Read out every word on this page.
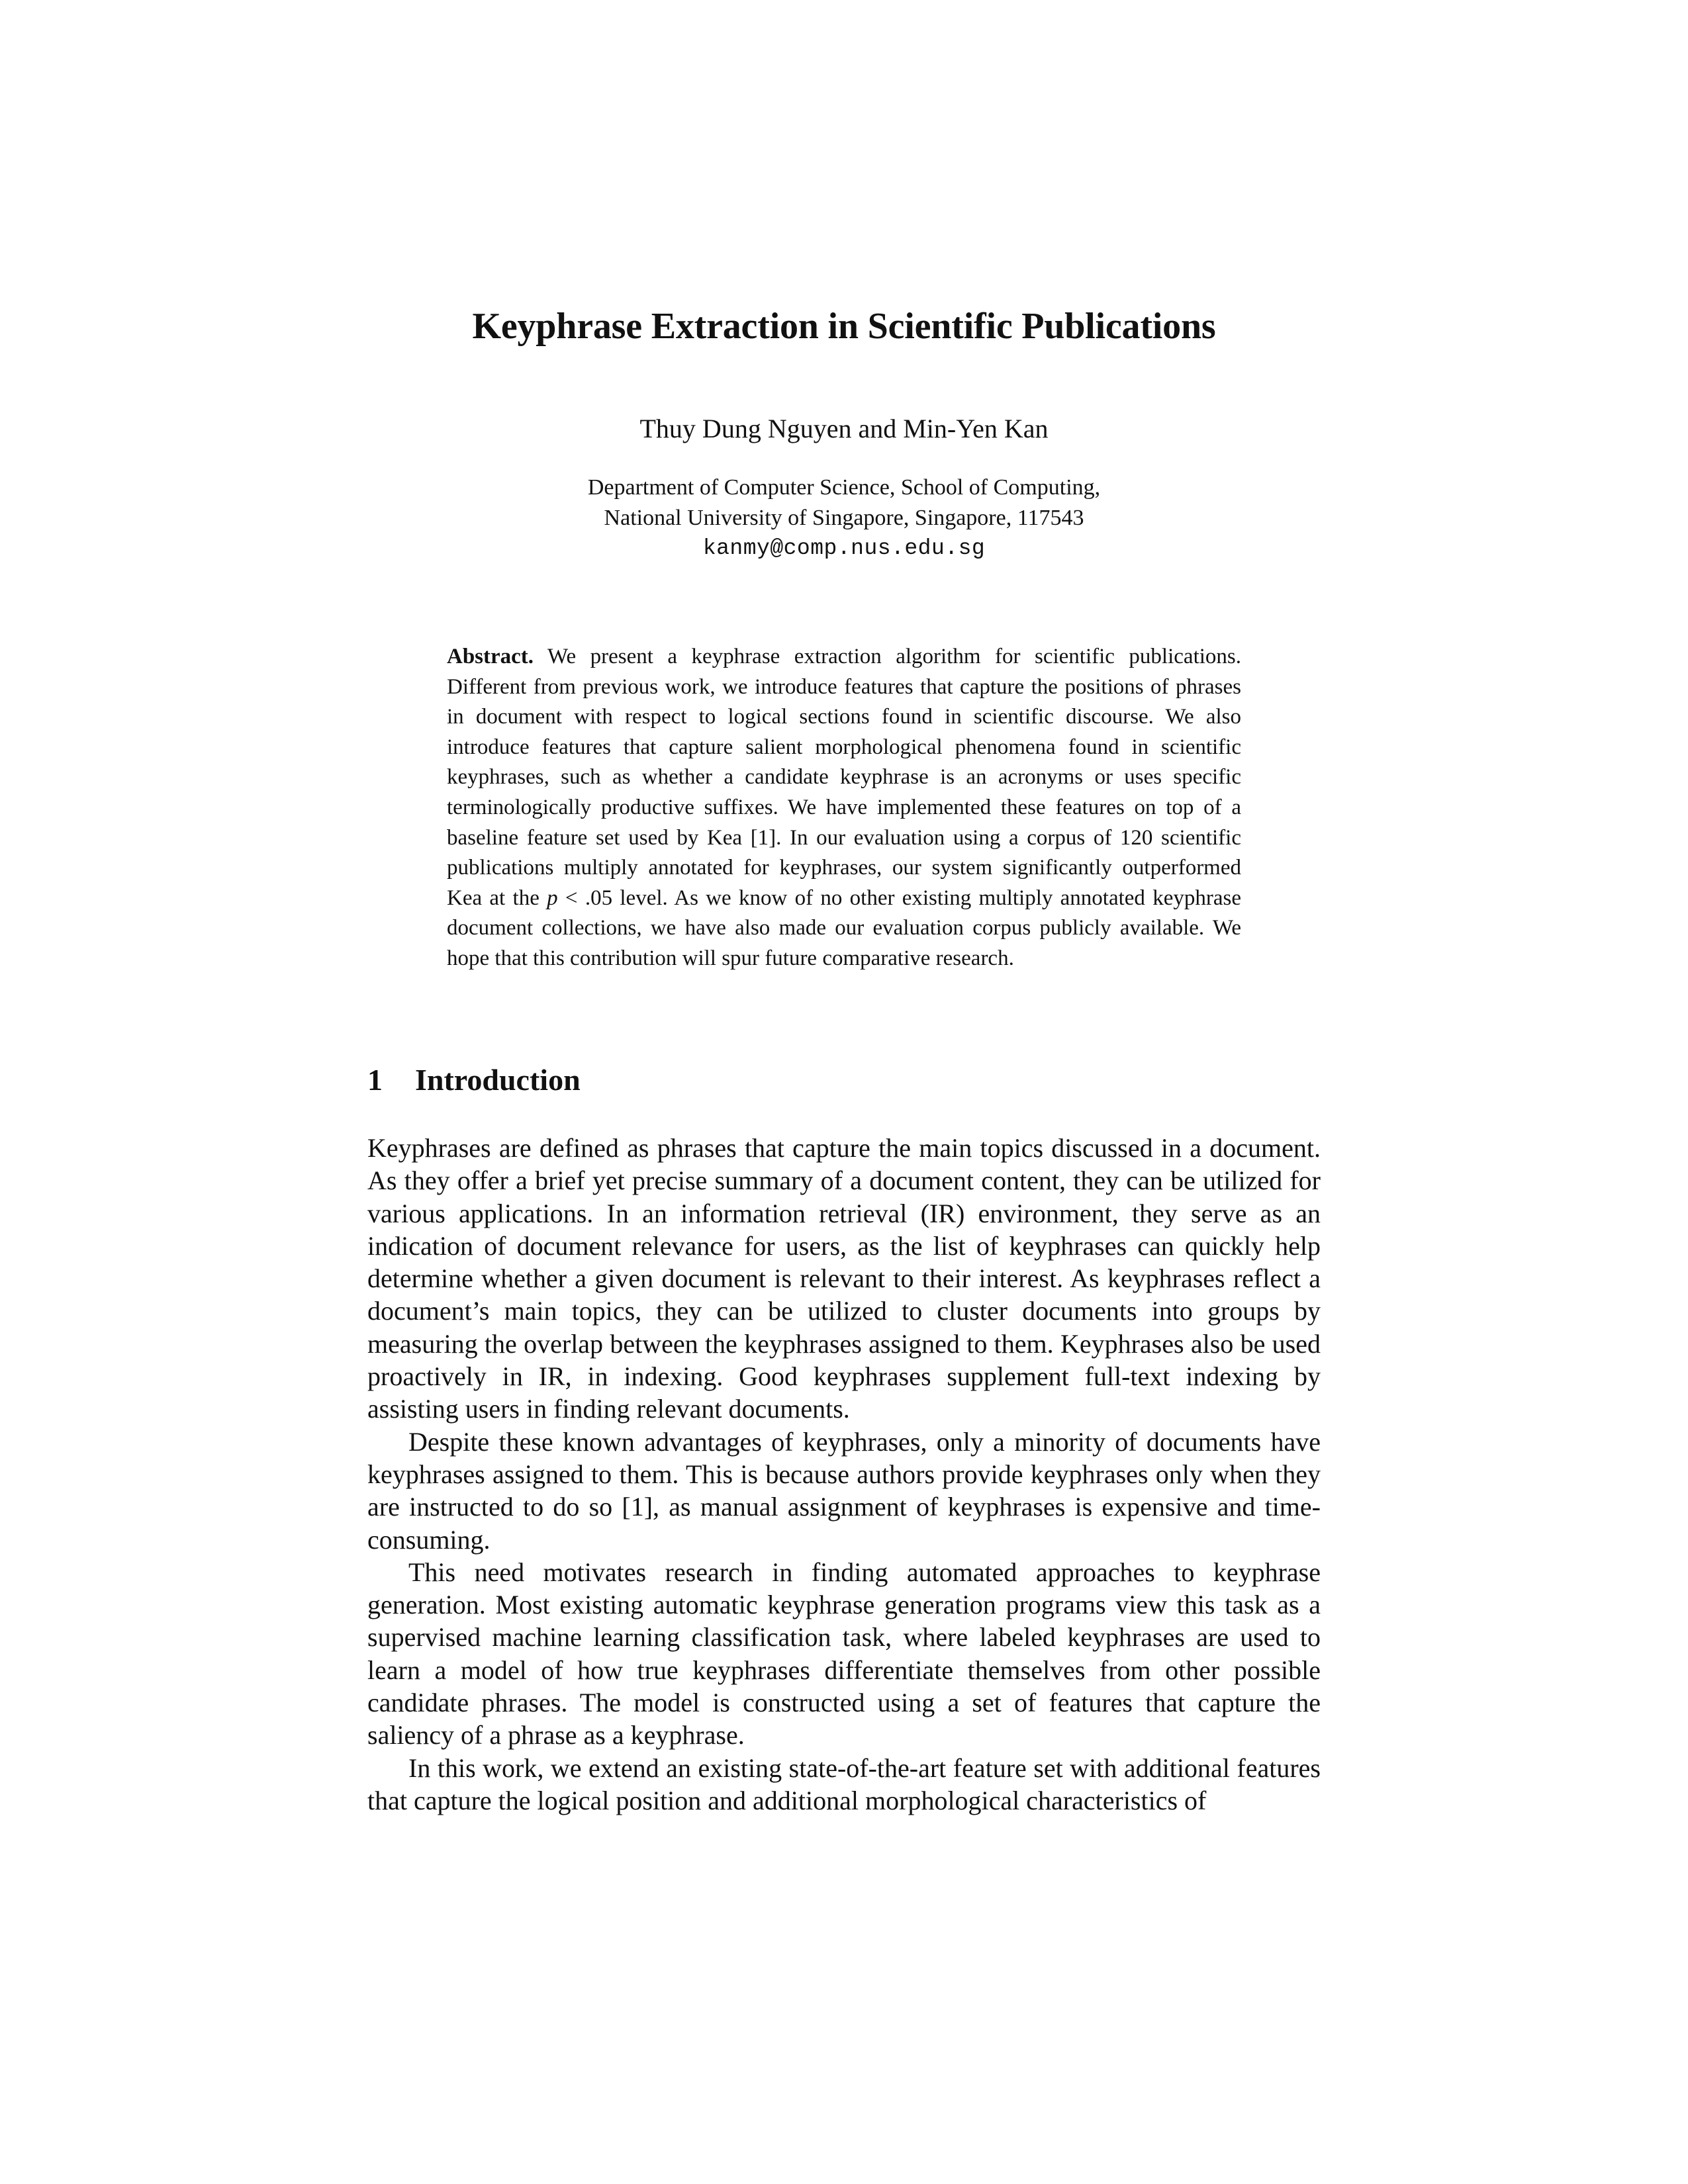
Keyphrase Extraction in Scientific Publications
Thuy Dung Nguyen and Min-Yen Kan
Department of Computer Science, School of Computing,
National University of Singapore, Singapore, 117543
kanmy@comp.nus.edu.sg
Abstract. We present a keyphrase extraction algorithm for scientific publications. Different from previous work, we introduce features that capture the positions of phrases in document with respect to logical sections found in scientific discourse. We also introduce features that capture salient morphological phenomena found in scientific keyphrases, such as whether a candidate keyphrase is an acronyms or uses specific terminologically productive suffixes. We have implemented these features on top of a baseline feature set used by Kea [1]. In our evaluation using a corpus of 120 scientific publications multiply annotated for keyphrases, our system significantly outperformed Kea at the p < .05 level. As we know of no other existing multiply annotated keyphrase document collections, we have also made our evaluation corpus publicly available. We hope that this contribution will spur future comparative research.
1 Introduction

Keyphrases are defined as phrases that capture the main topics discussed in a document. As they offer a brief yet precise summary of a document content, they can be utilized for various applications. In an information retrieval (IR) environment, they serve as an indication of document relevance for users, as the list of keyphrases can quickly help determine whether a given document is relevant to their interest. As keyphrases reflect a document’s main topics, they can be utilized to cluster documents into groups by measuring the overlap between the keyphrases assigned to them. Keyphrases also be used proactively in IR, in indexing. Good keyphrases supplement full-text indexing by assisting users in finding relevant documents.

Despite these known advantages of keyphrases, only a minority of documents have keyphrases assigned to them. This is because authors provide keyphrases only when they are instructed to do so [1], as manual assignment of keyphrases is expensive and time-consuming.

This need motivates research in finding automated approaches to keyphrase generation. Most existing automatic keyphrase generation programs view this task as a supervised machine learning classification task, where labeled keyphrases are used to learn a model of how true keyphrases differentiate themselves from other possible candidate phrases. The model is constructed using a set of features that capture the saliency of a phrase as a keyphrase.

In this work, we extend an existing state-of-the-art feature set with additional features that capture the logical position and additional morphological characteristics of
